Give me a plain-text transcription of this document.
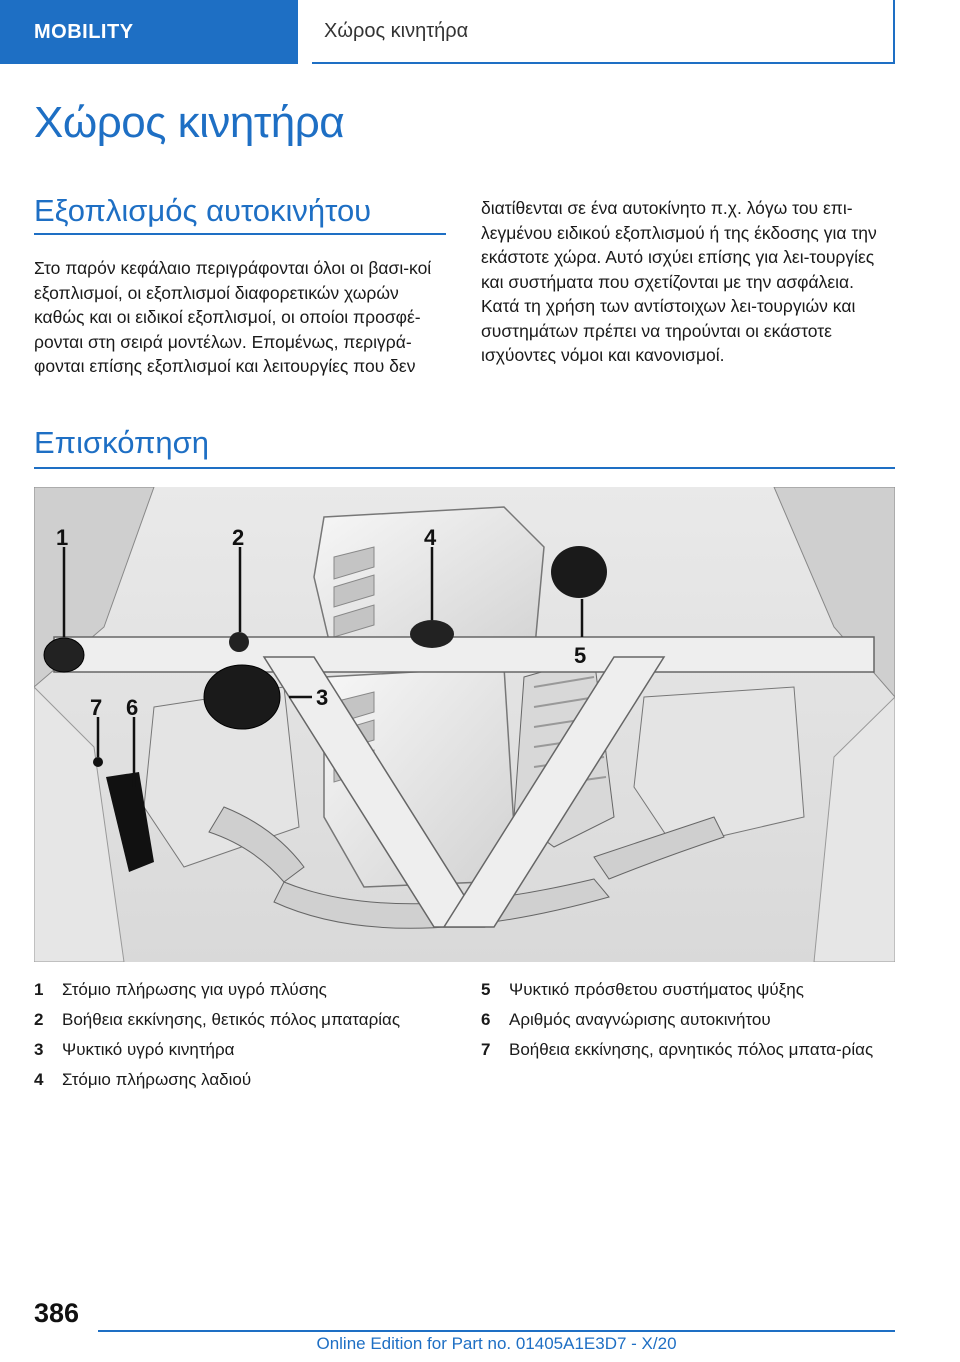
MOBILITY	Χώρος κινητήρα
Χώρος κινητήρα
Εξοπλισμός αυτοκινήτου

Στο παρόν κεφάλαιο περιγράφονται όλοι οι βασι-κοί εξοπλισμοί, οι εξοπλισμοί διαφορετικών χωρών καθώς και οι ειδικοί εξοπλισμοί, οι οποίοι προσφέ-ρονται στη σειρά μοντέλων. Επομένως, περιγρά-φονται επίσης εξοπλισμοί και λειτουργίες που δεν

διατίθενται σε ένα αυτοκίνητο π.χ. λόγω του επι-λεγμένου ειδικού εξοπλισμού ή της έκδοσης για την εκάστοτε χώρα. Αυτό ισχύει επίσης για λει-τουργίες και συστήματα που σχετίζονται με την ασφάλεια. Κατά τη χρήση των αντίστοιχων λει-τουργιών και συστημάτων πρέπει να τηρούνται οι εκάστοτε ισχύοντες νόμοι και κανονισμοί.

Επισκόπηση
1	2
3
4
5
6
7
1	Στόμιο πλήρωσης για υγρό πλύσης
2	Βοήθεια εκκίνησης, θετικός πόλος μπαταρίας
3	Ψυκτικό υγρό κινητήρα
4	Στόμιο πλήρωσης λαδιού
5	Ψυκτικό πρόσθετου συστήματος ψύξης
6	Αριθμός αναγνώρισης αυτοκινήτου
7	Βοήθεια εκκίνησης, αρνητικός πόλος μπατα-ρίας
386
Online Edition for Part no. 01405A1E3D7 - X/20
